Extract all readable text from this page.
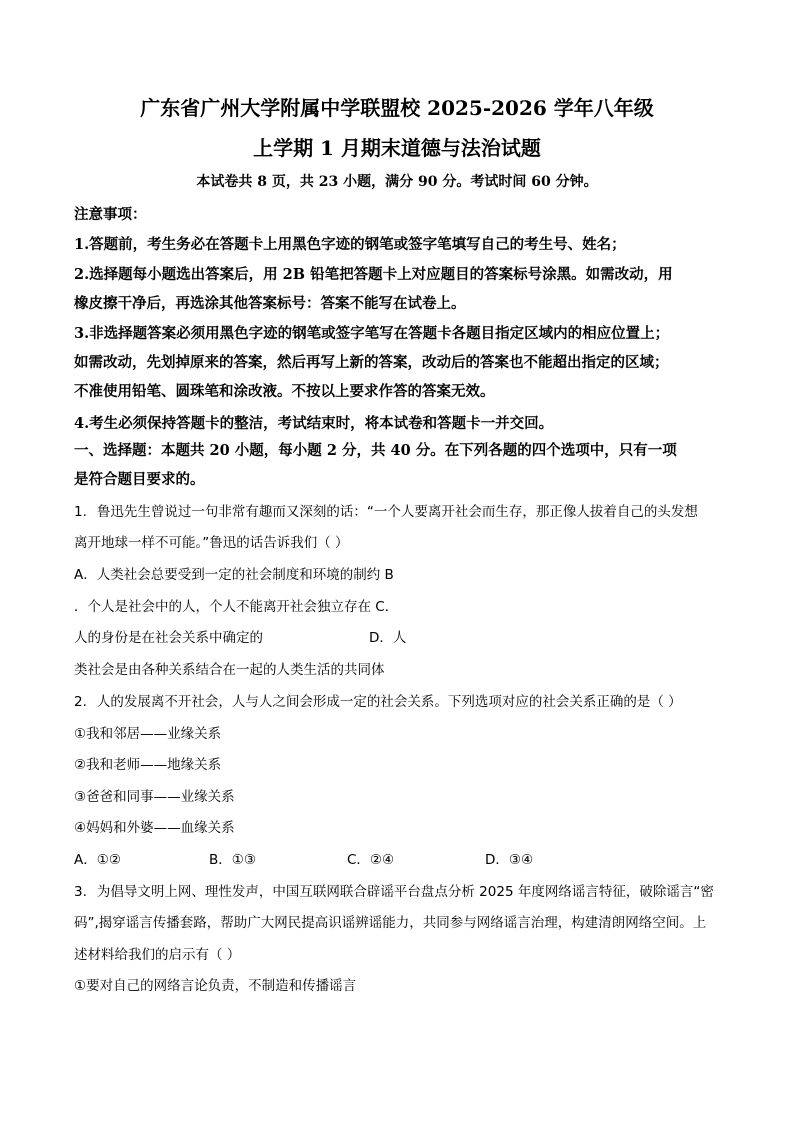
广东省广州大学附属中学联盟校 2025-2026 学年八年级
上学期 1 月期末道德与法治试题
本试卷共 8 页，共 23 小题，满分 90 分。考试时间 60 分钟。
注意事项：
1.答题前，考生务必在答题卡上用黑色字迹的钢笔或签字笔填写自己的考生号、姓名；
2.选择题每小题选出答案后，用 2B 铅笔把答题卡上对应题目的答案标号涂黑。如需改动，用
橡皮擦干净后，再选涂其他答案标号：答案不能写在试卷上。
3.非选择题答案必须用黑色字迹的钢笔或签字笔写在答题卡各题目指定区域内的相应位置上；
如需改动，先划掉原来的答案，然后再写上新的答案，改动后的答案也不能超出指定的区域；
不准使用铅笔、圆珠笔和涂改液。不按以上要求作答的答案无效。
4.考生必须保持答题卡的整洁，考试结束时，将本试卷和答题卡一并交回。
一、选择题：本题共 20 小题，每小题 2 分，共 40 分。在下列各题的四个选项中，只有一项
是符合题目要求的。
1. 鲁迅先生曾说过一句非常有趣而又深刻的话：“一个人要离开社会而生存，那正像人拔着自己的头发想
离开地球一样不可能。”鲁迅的话告诉我们（ ）
A．人类社会总要受到一定的社会制度和环境的制约 B
．个人是社会中的人，个人不能离开社会独立存在 C．
人的身份是在社会关系中确定的	D．人
类社会是由各种关系结合在一起的人类生活的共同体
2. 人的发展离不开社会，人与人之间会形成一定的社会关系。下列选项对应的社会关系正确的是（ ）
①我和邻居——业缘关系
②我和老师——地缘关系
③爸爸和同事——业缘关系
④妈妈和外婆——血缘关系
A．①②	B．①③	C．②④	D．③④
3. 为倡导文明上网、理性发声，中国互联网联合辟谣平台盘点分析 2025 年度网络谣言特征，破除谣言“密
码”,揭穿谣言传播套路，帮助广大网民提高识谣辨谣能力，共同参与网络谣言治理，构建清朗网络空间。上
述材料给我们的启示有（ ）
①要对自己的网络言论负责，不制造和传播谣言
